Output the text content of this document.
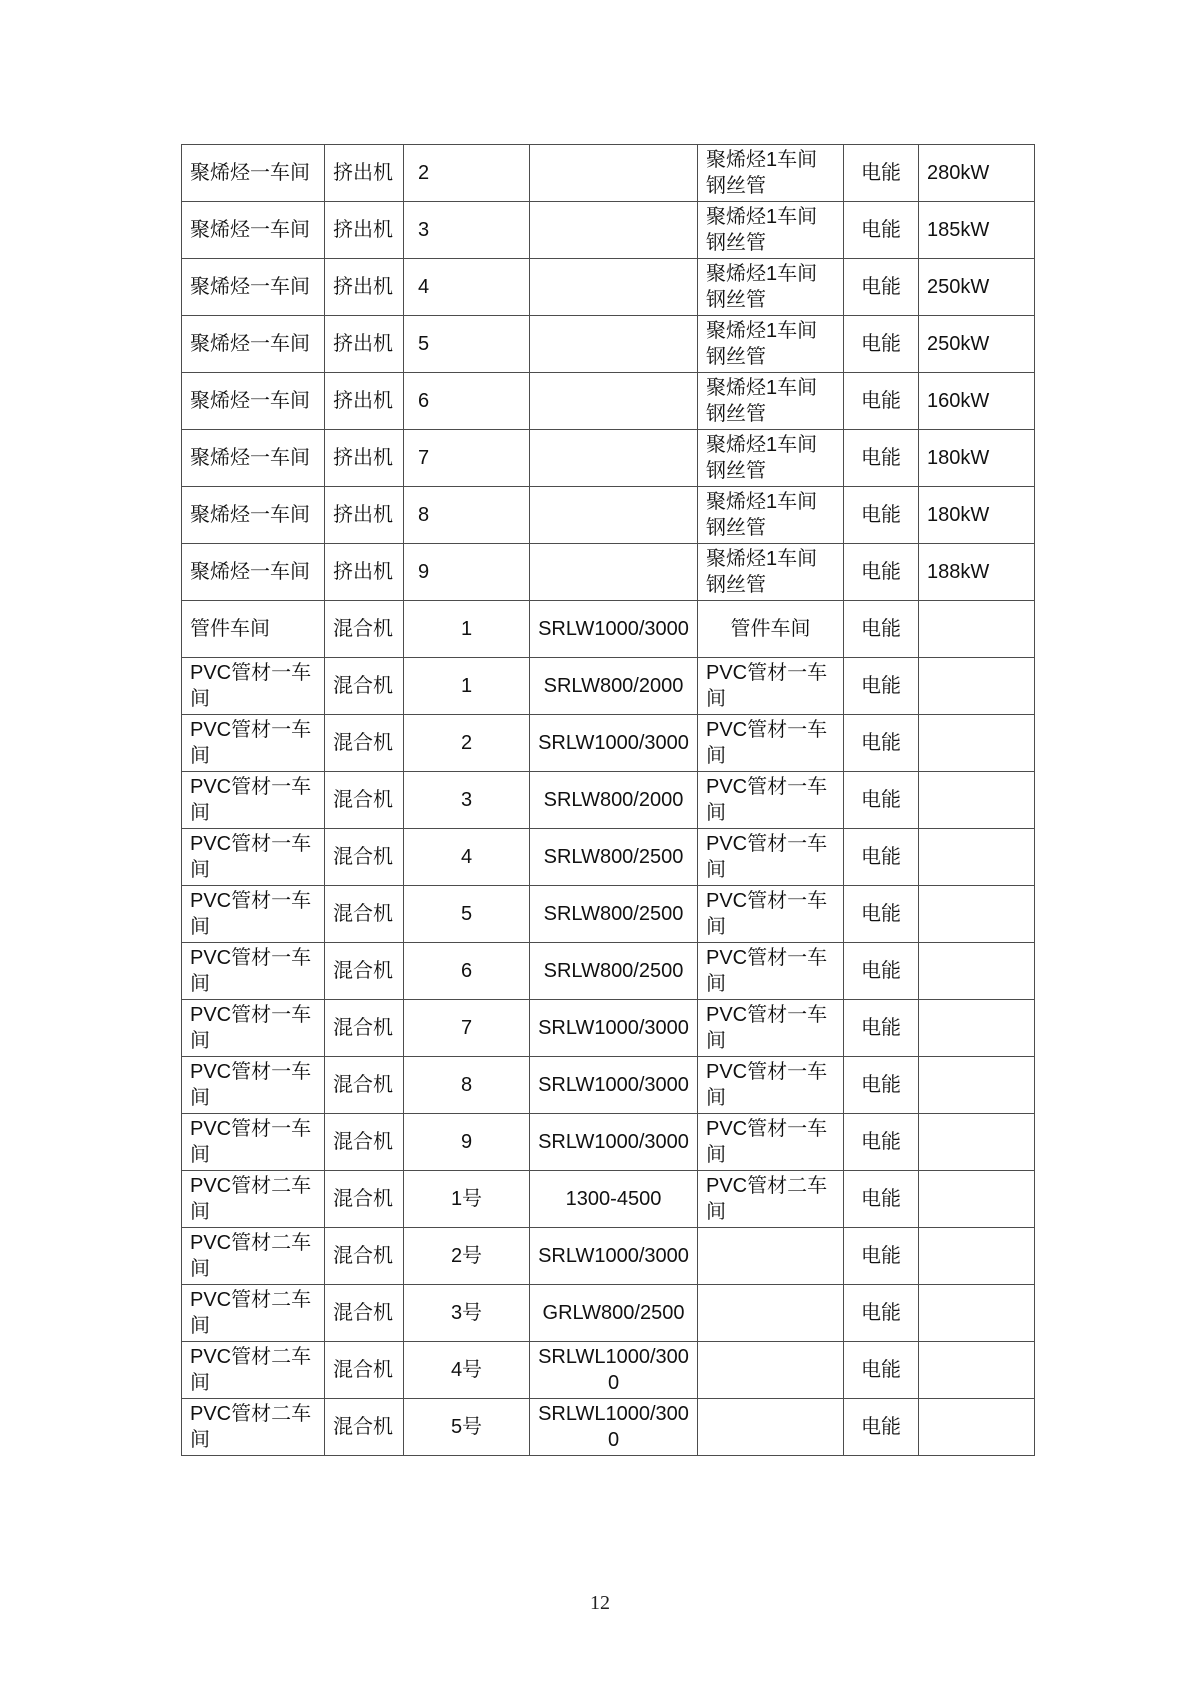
聚烯烃一车间	挤出机	2		聚烯烃1车间钢丝管	电能	280kW
聚烯烃一车间	挤出机	3		聚烯烃1车间钢丝管	电能	185kW
聚烯烃一车间	挤出机	4		聚烯烃1车间钢丝管	电能	250kW
聚烯烃一车间	挤出机	5		聚烯烃1车间钢丝管	电能	250kW
聚烯烃一车间	挤出机	6		聚烯烃1车间钢丝管	电能	160kW
聚烯烃一车间	挤出机	7		聚烯烃1车间钢丝管	电能	180kW
聚烯烃一车间	挤出机	8		聚烯烃1车间钢丝管	电能	180kW
聚烯烃一车间	挤出机	9		聚烯烃1车间钢丝管	电能	188kW
管件车间	混合机	1	SRLW1000/3000	管件车间	电能	
PVC管材一车间	混合机	1	SRLW800/2000	PVC管材一车间	电能	
PVC管材一车间	混合机	2	SRLW1000/3000	PVC管材一车间	电能	
PVC管材一车间	混合机	3	SRLW800/2000	PVC管材一车间	电能	
PVC管材一车间	混合机	4	SRLW800/2500	PVC管材一车间	电能	
PVC管材一车间	混合机	5	SRLW800/2500	PVC管材一车间	电能	
PVC管材一车间	混合机	6	SRLW800/2500	PVC管材一车间	电能	
PVC管材一车间	混合机	7	SRLW1000/3000	PVC管材一车间	电能	
PVC管材一车间	混合机	8	SRLW1000/3000	PVC管材一车间	电能	
PVC管材一车间	混合机	9	SRLW1000/3000	PVC管材一车间	电能	
PVC管材二车间	混合机	1号	1300-4500	PVC管材二车间	电能	
PVC管材二车间	混合机	2号	SRLW1000/3000		电能	
PVC管材二车间	混合机	3号	GRLW800/2500		电能	
PVC管材二车间	混合机	4号	SRLWL1000/3000		电能	
PVC管材二车间	混合机	5号	SRLWL1000/3000		电能	
12
